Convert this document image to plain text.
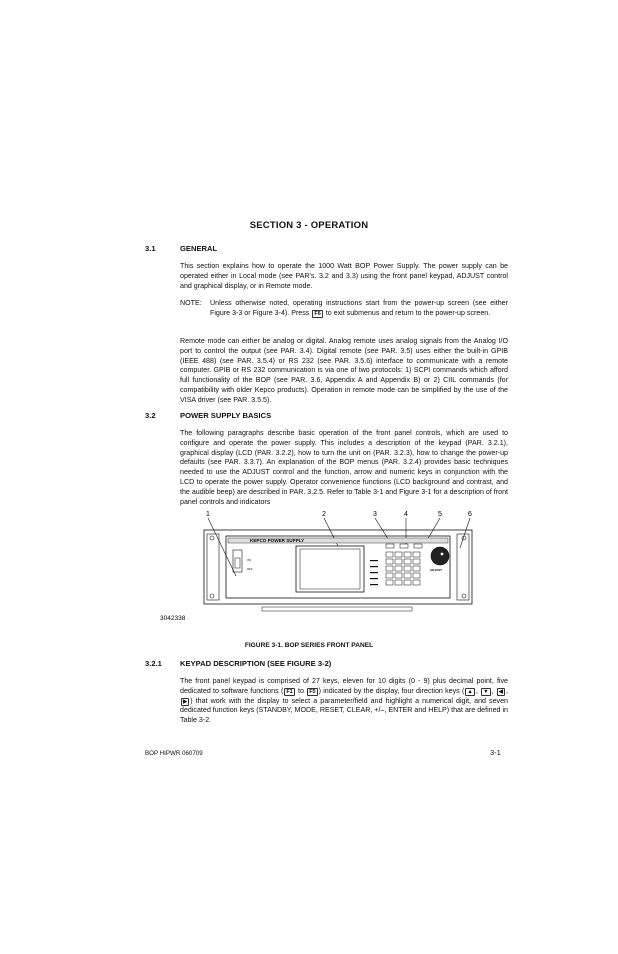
SECTION 3 - OPERATION
3.1	GENERAL

This section explains how to operate the 1000 Watt BOP Power Supply. The power supply can be operated either in Local mode (see PAR's. 3.2 and 3.3) using the front panel keypad, ADJUST control and graphical display, or in Remote mode.

NOTE: Unless otherwise noted, operating instructions start from the power-up screen (see either Figure 3-3 or Figure 3-4). Press F6 to exit submenus and return to the power-up screen.

Remote mode can either be analog or digital. Analog remote uses analog signals from the Analog I/O port to control the output (see PAR. 3.4). Digital remote (see PAR. 3.5) uses either the built-in GPIB (IEEE 488) (see PAR. 3.5.4) or RS 232 (see PAR. 3.5.6) interface to communicate with a remote computer. GPIB or RS 232 communication is via one of two protocols: 1) SCPI commands which afford full functionality of the BOP (see PAR. 3.6, Appendix A and Appendix B) or 2) CIIL commands (for compatibility with older Kepco products). Operation in remote mode can be simplified by the use of the VISA driver (see PAR. 3.5.5).

3.2	POWER SUPPLY BASICS

The following paragraphs describe basic operation of the front panel controls, which are used to configure and operate the power supply. This includes a description of the keypad (PAR. 3.2.1), graphical display (LCD (PAR. 3.2.2), how to turn the unit on (PAR. 3.2.3), how to change the power-up defaults (see PAR. 3.3.7). An explanation of the BOP menus (PAR. 3.2.4) provides basic techniques needed to use the ADJUST control and the function, arrow and numeric keys in conjunction with the LCD to operate the power supply. Operator convenience functions (LCD background and contrast, and the audible beep) are described in PAR. 3.2.5. Refer to Table 3-1 and Figure 3-1 for a description of front panel controls and indicators

1	2	3	4	5	6
KEPCO POWER SUPPLY
ON
OFF	ADJUST
3042338
FIGURE 3-1. BOP SERIES FRONT PANEL
3.2.1 KEYPAD DESCRIPTION (SEE FIGURE 3-2)

The front panel keypad is comprised of 27 keys, eleven for 10 digits (0 - 9) plus decimal point, five dedicated to software functions ( F1 to F5 ) indicated by the display, four direction keys ( ▲ , ▼ , ◀ , ▶ ) that work with the display to select a parameter/field and highlight a numerical digit, and seven dedicated function keys (STANDBY, MODE, RESET, CLEAR, +/–, ENTER and HELP) that are defined in Table 3-2.

BOP HIPWR 060709	3-1
